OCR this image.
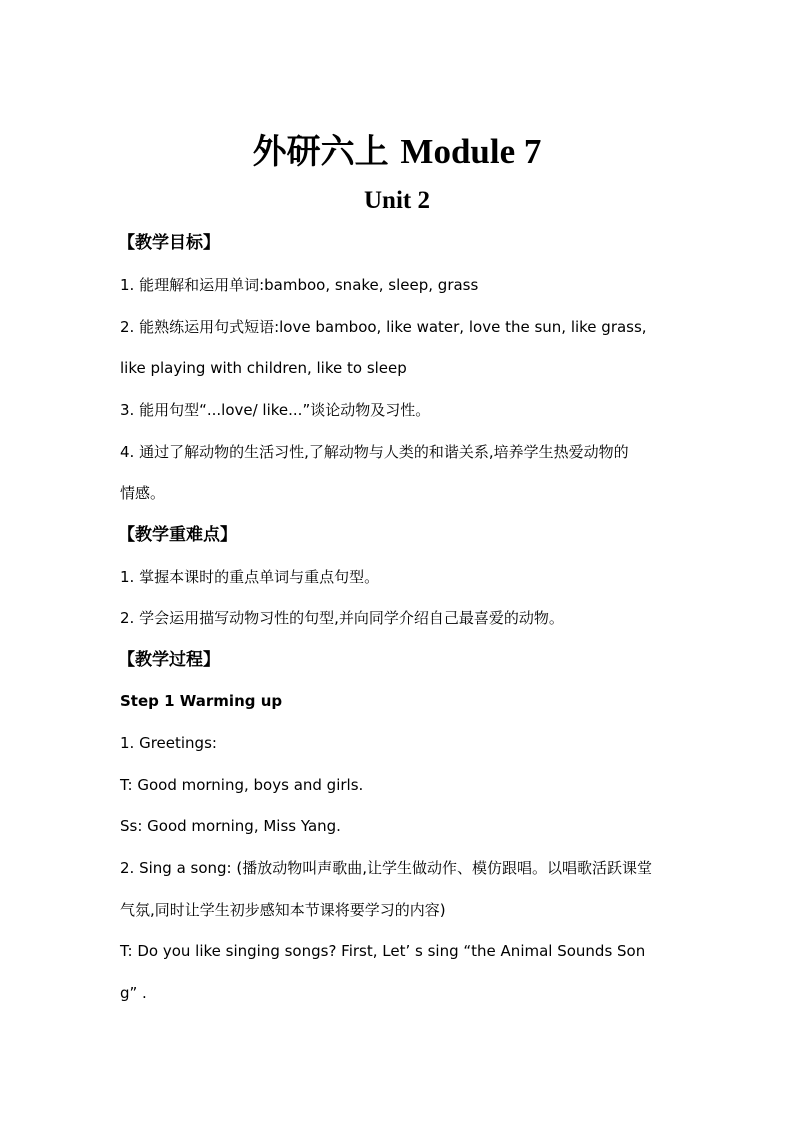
外研六上 Module 7
Unit 2
【教学目标】
1. 能理解和运用单词:bamboo, snake, sleep, grass
2. 能熟练运用句式短语:love bamboo, like water, love the sun, like grass,
like playing with children, like to sleep
3. 能用句型“...love/ like...”谈论动物及习性。
4. 通过了解动物的生活习性,了解动物与人类的和谐关系,培养学生热爱动物的
情感。
【教学重难点】
1. 掌握本课时的重点单词与重点句型。
2. 学会运用描写动物习性的句型,并向同学介绍自己最喜爱的动物。
【教学过程】
Step 1 Warming up
1. Greetings:
T: Good morning, boys and girls.
Ss: Good morning, Miss Yang.
2. Sing a song: (播放动物叫声歌曲,让学生做动作、模仿跟唱。以唱歌活跃课堂
气氛,同时让学生初步感知本节课将要学习的内容)
T: Do you like singing songs? First, Let’ s sing “the Animal Sounds Son
g” .
